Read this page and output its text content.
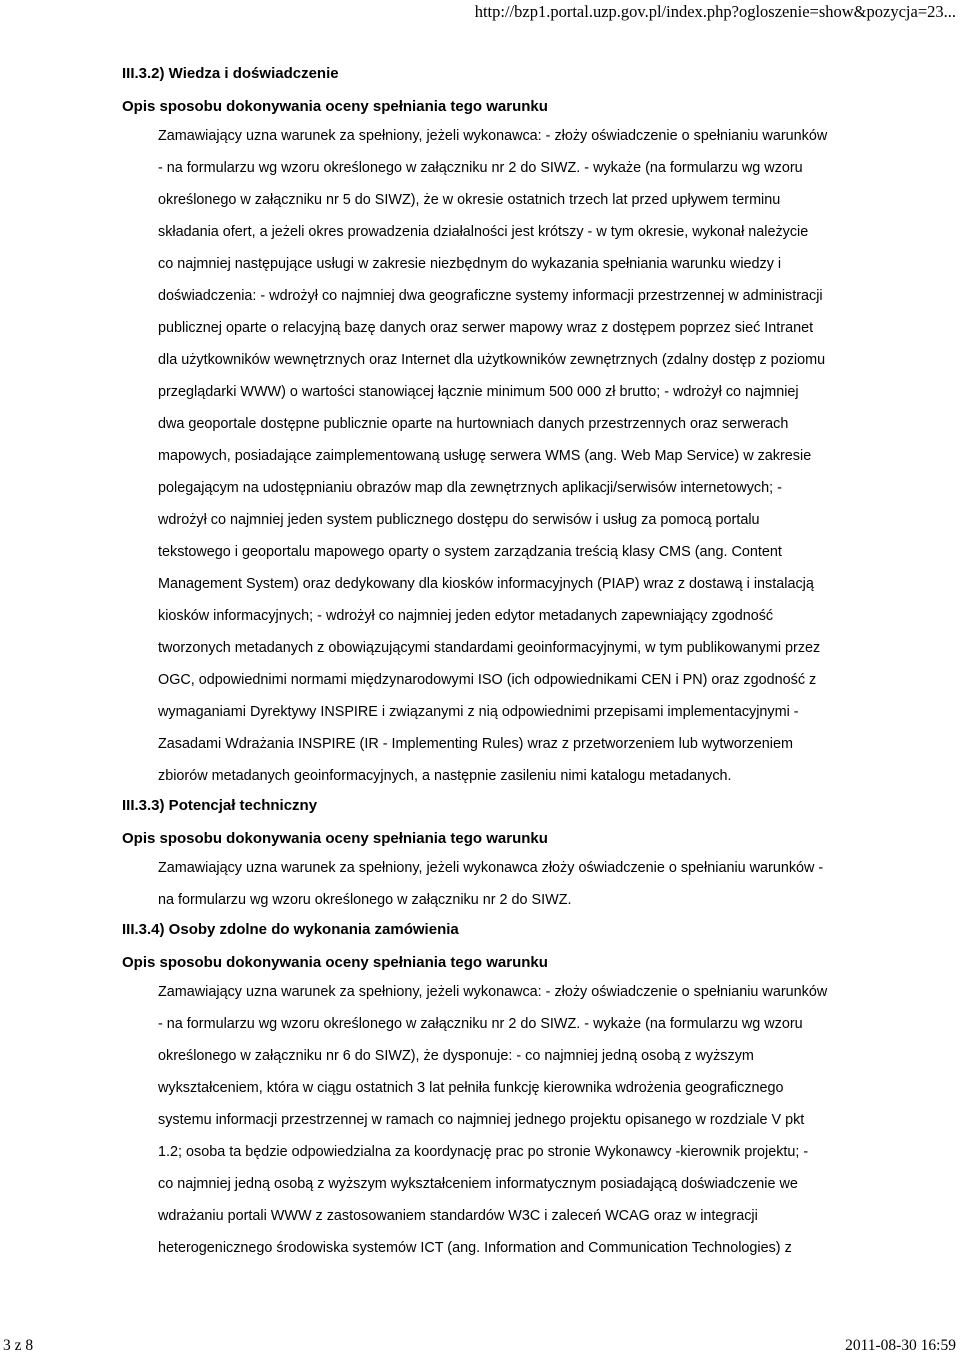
http://bzp1.portal.uzp.gov.pl/index.php?ogloszenie=show&pozycja=23...
III.3.2) Wiedza i doświadczenie
Opis sposobu dokonywania oceny spełniania tego warunku
Zamawiający uzna warunek za spełniony, jeżeli wykonawca: - złoży oświadczenie o spełnianiu warunków
- na formularzu wg wzoru określonego w załączniku nr 2 do SIWZ. - wykaże (na formularzu wg wzoru
określonego w załączniku nr 5 do SIWZ), że w okresie ostatnich trzech lat przed upływem terminu
składania ofert, a jeżeli okres prowadzenia działalności jest krótszy - w tym okresie, wykonał należycie
co najmniej następujące usługi w zakresie niezbędnym do wykazania spełniania warunku wiedzy i
doświadczenia: - wdrożył co najmniej dwa geograficzne systemy informacji przestrzennej w administracji
publicznej oparte o relacyjną bazę danych oraz serwer mapowy wraz z dostępem poprzez sieć Intranet
dla użytkowników wewnętrznych oraz Internet dla użytkowników zewnętrznych (zdalny dostęp z poziomu
przeglądarki WWW) o wartości stanowiącej łącznie minimum 500 000 zł brutto; - wdrożył co najmniej
dwa geoportale dostępne publicznie oparte na hurtowniach danych przestrzennych oraz serwerach
mapowych, posiadające zaimplementowaną usługę serwera WMS (ang. Web Map Service) w zakresie
polegającym na udostępnianiu obrazów map dla zewnętrznych aplikacji/serwisów internetowych; -
wdrożył co najmniej jeden system publicznego dostępu do serwisów i usług za pomocą portalu
tekstowego i geoportalu mapowego oparty o system zarządzania treścią klasy CMS (ang. Content
Management System) oraz dedykowany dla kiosków informacyjnych (PIAP) wraz z dostawą i instalacją
kiosków informacyjnych; - wdrożył co najmniej jeden edytor metadanych zapewniający zgodność
tworzonych metadanych z obowiązującymi standardami geoinformacyjnymi, w tym publikowanymi przez
OGC, odpowiednimi normami międzynarodowymi ISO (ich odpowiednikami CEN i PN) oraz zgodność z
wymaganiami Dyrektywy INSPIRE i związanymi z nią odpowiednimi przepisami implementacyjnymi -
Zasadami Wdrażania INSPIRE (IR - Implementing Rules) wraz z przetworzeniem lub wytworzeniem
zbiorów metadanych geoinformacyjnych, a następnie zasileniu nimi katalogu metadanych.
III.3.3) Potencjał techniczny
Opis sposobu dokonywania oceny spełniania tego warunku
Zamawiający uzna warunek za spełniony, jeżeli wykonawca złoży oświadczenie o spełnianiu warunków -
na formularzu wg wzoru określonego w załączniku nr 2 do SIWZ.
III.3.4) Osoby zdolne do wykonania zamówienia
Opis sposobu dokonywania oceny spełniania tego warunku
Zamawiający uzna warunek za spełniony, jeżeli wykonawca: - złoży oświadczenie o spełnianiu warunków
- na formularzu wg wzoru określonego w załączniku nr 2 do SIWZ. - wykaże (na formularzu wg wzoru
określonego w załączniku nr 6 do SIWZ), że dysponuje: - co najmniej jedną osobą z wyższym
wykształceniem, która w ciągu ostatnich 3 lat pełniła funkcję kierownika wdrożenia geograficznego
systemu informacji przestrzennej w ramach co najmniej jednego projektu opisanego w rozdziale V pkt
1.2; osoba ta będzie odpowiedzialna za koordynację prac po stronie Wykonawcy -kierownik projektu; -
co najmniej jedną osobą z wyższym wykształceniem informatycznym posiadającą doświadczenie we
wdrażaniu portali WWW z zastosowaniem standardów W3C i zaleceń WCAG oraz w integracji
heterogenicznego środowiska systemów ICT (ang. Information and Communication Technologies) z
3 z 8	2011-08-30 16:59
